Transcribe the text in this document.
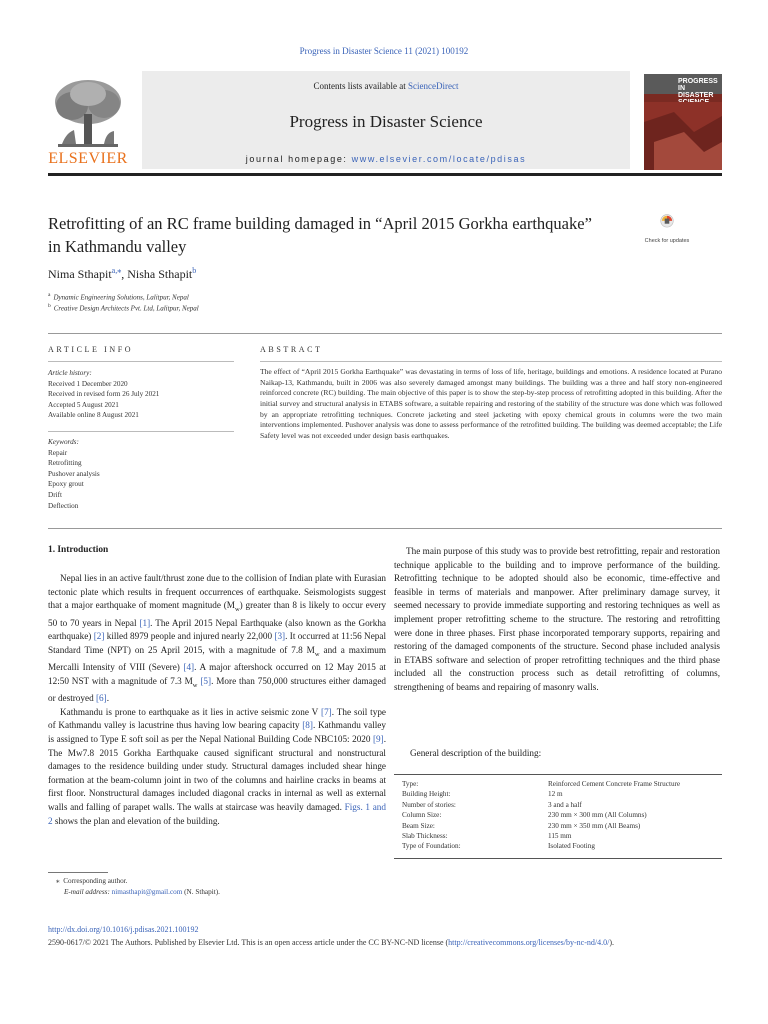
Progress in Disaster Science 11 (2021) 100192
Contents lists available at ScienceDirect
Progress in Disaster Science
journal homepage: www.elsevier.com/locate/pdisas
ELSEVIER
PROGRESS IN DISASTER
Retrofitting of an RC frame building damaged in “April 2015 Gorkha earthquake” in Kathmandu valley	Check for updates
Nima Sthapit$^{a,⁎}$, Nisha Sthapit$^b$
$^a$ Dynamic Engineering Solutions, Lalitpur, Nepal
$^b$ Creative Design Architects Pvt. Ltd, Lalitpur, Nepal
ARTICLE INFO
Article history:
Received 1 December 2020
Received in revised form 26 July 2021
Accepted 5 August 2021
Available online 8 August 2021
Keywords:
Repair
Retrofitting
Pushover analysis
Epoxy grout
Drift
Deflection
ABSTRACT
The effect of “April 2015 Gorkha Earthquake” was devastating in terms of loss of life, heritage, buildings and emotions. A residence located at Purano Naikap-13, Kathmandu, built in 2006 was also severely damaged amongst many buildings. The building was a three and half story non-engineered reinforced concrete (RC) building. The main objective of this paper is to show the step-by-step process of retrofitting adopted in this building. After the initial survey and structural analysis in ETABS software, a suitable repairing and restoring of the stability of the structure was done which was followed by an appropriate retrofitting techniques. Concrete jacketing and steel jacketing with epoxy chemical grouts in columns were the two main interventions implemented. Pushover analysis was done to assess performance of the retrofitted building. The building was deemed acceptable; the Life Safety level was not exceeded under design basis earthquakes.
1. Introduction

Nepal lies in an active fault/thrust zone due to the collision of Indian plate with Eurasian tectonic plate which results in frequent occurrences of earthquake. Seismologists suggest that a major earthquake of moment magnitude $(M_w)$ greater than 8 is likely to occur every 50 to 70 years in Nepal [1]. The April 2015 Nepal Earthquake (also known as the Gorkha earthquake) [2] killed 8979 people and injured nearly 22,000 [3]. It occurred at 11:56 Nepal Standard Time (NPT) on 25 April 2015, with a magnitude of 7.8 $M_w$ and a maximum Mercalli Intensity of VIII (Severe) [4]. A major aftershock occurred on 12 May 2015 at 12:50 NST with a magnitude of 7.3 $M_w$ [5]. More than 750,000 structures either damaged or destroyed [6].

Kathmandu is prone to earthquake as it lies in active seismic zone V [7]. The soil type of Kathmandu valley is lacustrine thus having low bearing capacity [8]. Kathmandu valley is assigned to Type E soft soil as per the Nepal National Building Code NBC105: 2020 [9]. The Mw7.8 2015 Gorkha Earthquake caused significant structural and nonstructural damages to the residence building under study. Structural damages included shear hinge formation at the beam-column joint in two of the columns and hairline cracks in beams at first floor. Nonstructural damages included diagonal cracks in internal as well as external walls and falling of parapet walls. The walls at staircase was heavily damaged. Figs. 1 and 2 shows the plan and elevation of the building.

The main purpose of this study was to provide best retrofitting, repair and restoration technique applicable to the building and to improve performance of the building. Retrofitting technique to be adopted should also be economic, time-effective and feasible in terms of materials and manpower. After preliminary damage survey, it seemed necessary to provide immediate supporting and restoring techniques as well as implement proper retrofitting scheme to the structure. The restoring and retrofitting were done in three phases. First phase incorporated temporary supports, repairing and restoring of the damaged components of the structure. Second phase included analysis in ETABS software and selection of proper retrofitting techniques and the third phase included all the construction process such as detail retrofitting of columns, strengthening of beams and repairing of masonry walls.

General description of the building:
Type:	Reinforced Cement Concrete Frame Structure
Building Height:	12 m
Number of stories:	3 and a half
Column Size:	230 mm × 300 mm (All Columns)
Beam Size:	230 mm × 350 mm (All Beams)
Slab Thickness:	115 mm
Type of Foundation:	Isolated Footing
⁎ Corresponding author.
E-mail address: nimasthapit@gmail.com (N. Sthapit).
http://dx.doi.org/10.1016/j.pdisas.2021.100192
2590-0617/© 2021 The Authors. Published by Elsevier Ltd. This is an open access article under the CC BY-NC-ND license (http://creativecommons.org/licenses/by-nc-nd/4.0/).
